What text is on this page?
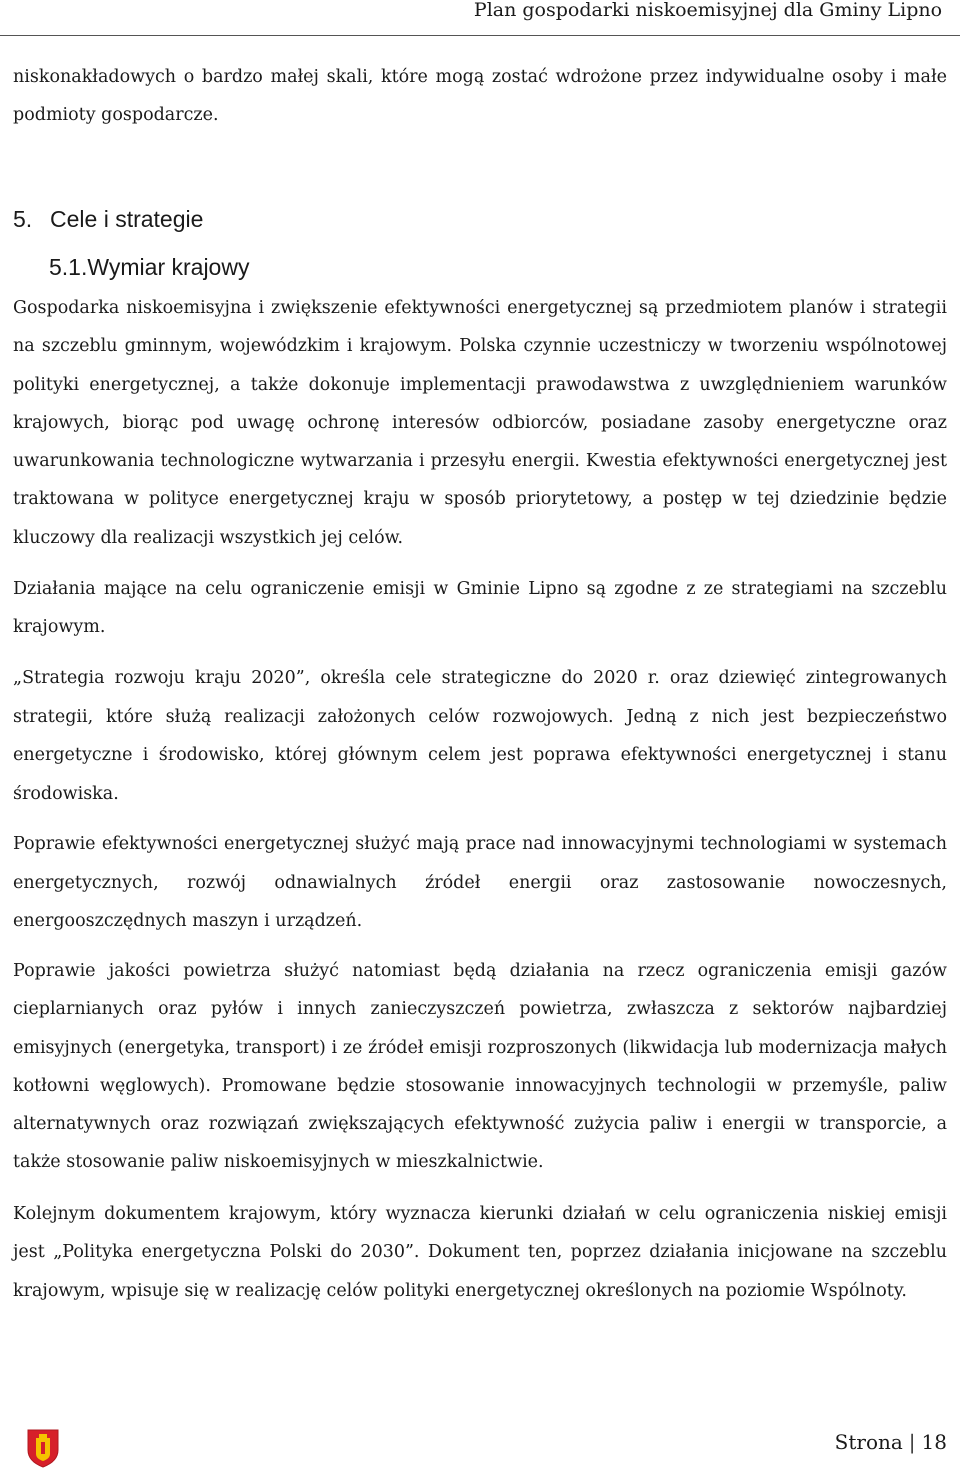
Plan gospodarki niskoemisyjnej dla Gminy Lipno

niskonakładowych o bardzo małej skali, które mogą zostać wdrożone przez indywidualne osoby i małe podmioty gospodarcze.

5. Cele i strategie
5.1.Wymiar krajowy

Gospodarka niskoemisyjna i zwiększenie efektywności energetycznej są przedmiotem planów i strategii na szczeblu gminnym, wojewódzkim i krajowym. Polska czynnie uczestniczy w tworzeniu wspólnotowej polityki energetycznej, a także dokonuje implementacji prawodawstwa z uwzględnieniem warunków krajowych, biorąc pod uwagę ochronę interesów odbiorców, posiadane zasoby energetyczne oraz uwarunkowania technologiczne wytwarzania i przesyłu energii. Kwestia efektywności energetycznej jest traktowana w polityce energetycznej kraju w sposób priorytetowy, a postęp w tej dziedzinie będzie kluczowy dla realizacji wszystkich jej celów.

Działania mające na celu ograniczenie emisji w Gminie Lipno są zgodne z ze strategiami na szczeblu krajowym.

„Strategia rozwoju kraju 2020”, określa cele strategiczne do 2020 r. oraz dziewięć zintegrowanych strategii, które służą realizacji założonych celów rozwojowych. Jedną z nich jest bezpieczeństwo energetyczne i środowisko, której głównym celem jest poprawa efektywności energetycznej i stanu środowiska.

Poprawie efektywności energetycznej służyć mają prace nad innowacyjnymi technologiami w systemach energetycznych, rozwój odnawialnych źródeł energii oraz zastosowanie nowoczesnych, energooszczędnych maszyn i urządzeń.

Poprawie jakości powietrza służyć natomiast będą działania na rzecz ograniczenia emisji gazów cieplarnianych oraz pyłów i innych zanieczyszczeń powietrza, zwłaszcza z sektorów najbardziej emisyjnych (energetyka, transport) i ze źródeł emisji rozproszonych (likwidacja lub modernizacja małych kotłowni węglowych). Promowane będzie stosowanie innowacyjnych technologii w przemyśle, paliw alternatywnych oraz rozwiązań zwiększających efektywność zużycia paliw i energii w transporcie, a także stosowanie paliw niskoemisyjnych w mieszkalnictwie.

Kolejnym dokumentem krajowym, który wyznacza kierunki działań w celu ograniczenia niskiej emisji jest „Polityka energetyczna Polski do 2030”. Dokument ten, poprzez działania inicjowane na szczeblu krajowym, wpisuje się w realizację celów polityki energetycznej określonych na poziomie Wspólnoty.

Strona | 18
